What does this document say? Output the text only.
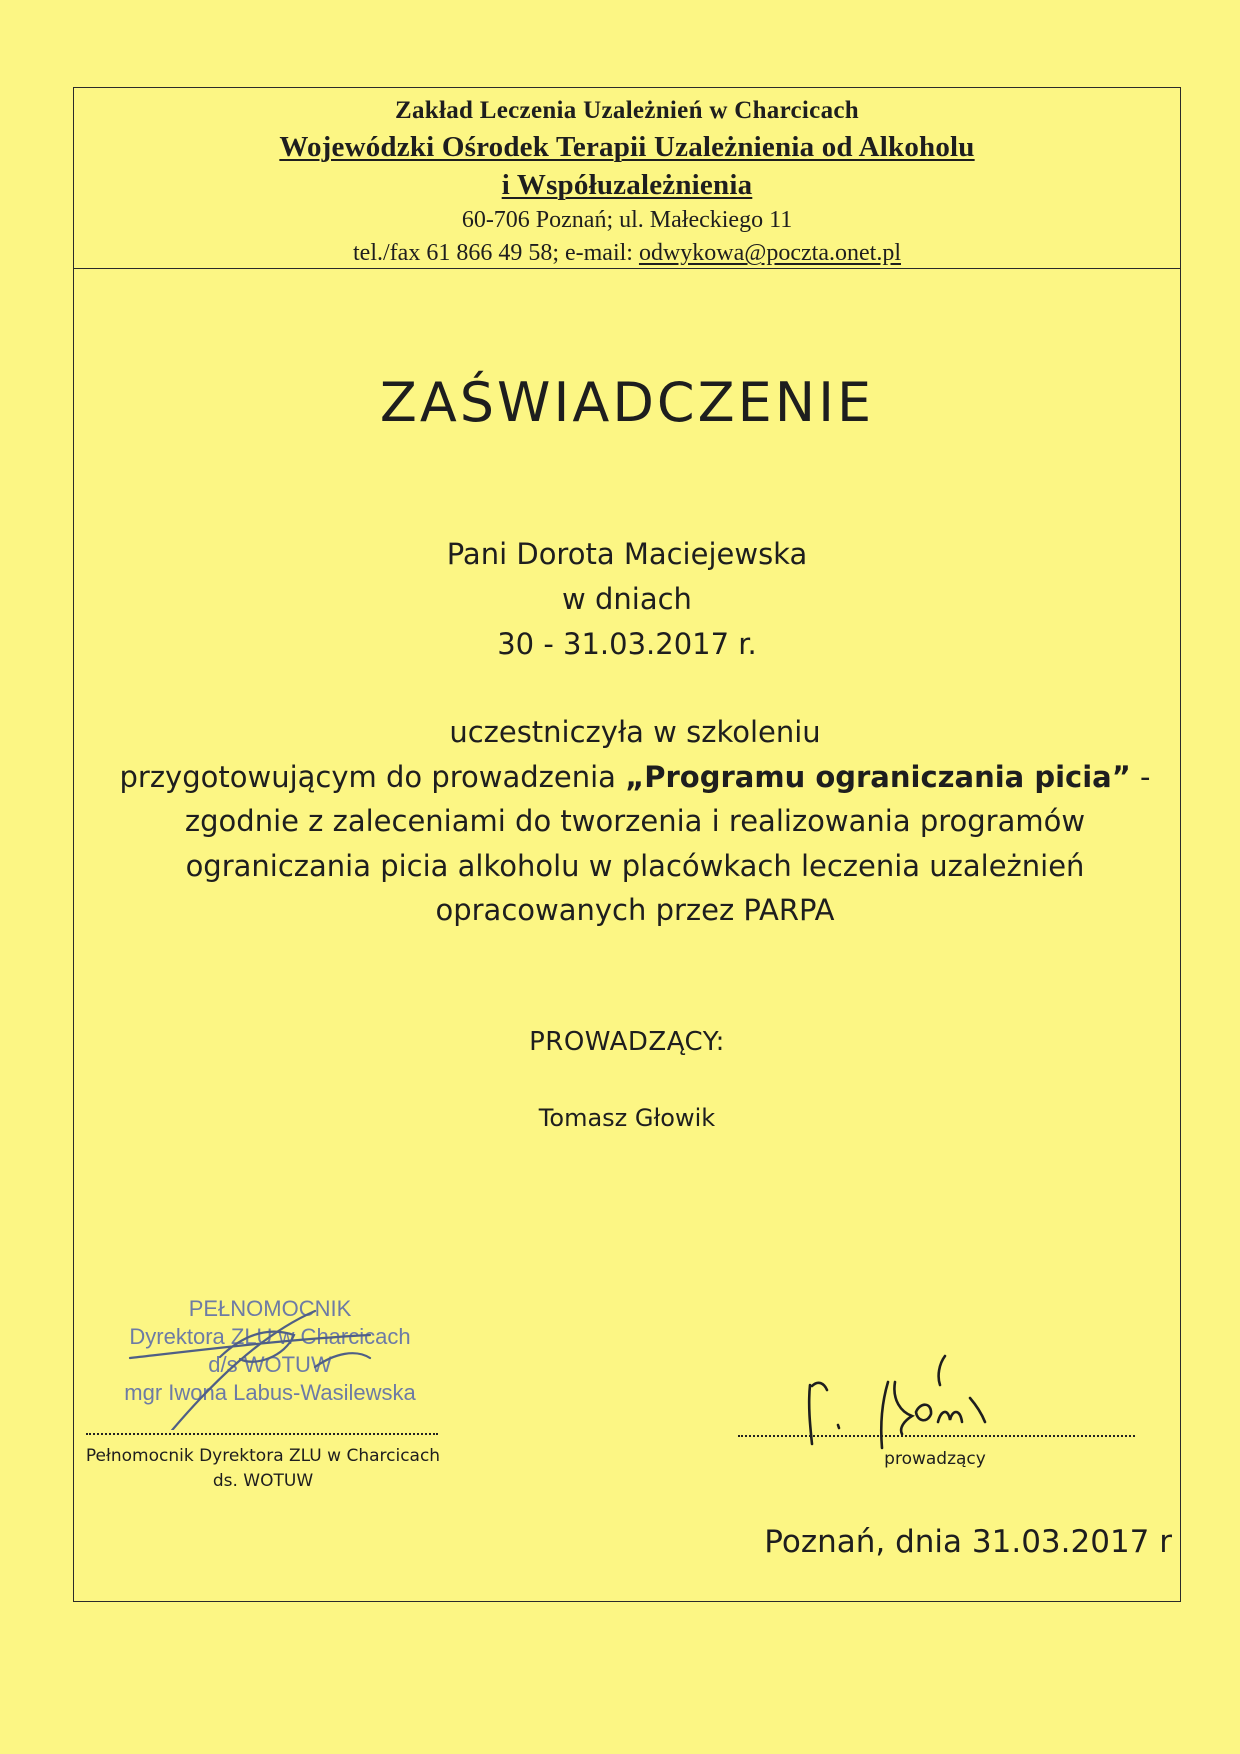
Zakład Leczenia Uzależnień w Charcicach
Wojewódzki Ośrodek Terapii Uzależnienia od Alkoholu
i Współuzależnienia
60-706 Poznań; ul. Małeckiego 11
tel./fax 61 866 49 58; e-mail: odwykowa@poczta.onet.pl
ZAŚWIADCZENIE
Pani Dorota Maciejewska
w dniach
30 - 31.03.2017 r.
uczestniczyła w szkoleniu
przygotowującym do prowadzenia „Programu ograniczania picia” -
zgodnie z zaleceniami do tworzenia i realizowania programów
ograniczania picia alkoholu w placówkach leczenia uzależnień
opracowanych przez PARPA
PROWADZĄCY:
Tomasz Głowik
PEŁNOMOCNIK
Dyrektora ZLU w Charcicach
d/s WOTUW
mgr Iwona Labus-Wasilewska
Pełnomocnik Dyrektora ZLU w Charcicach
ds. WOTUW
prowadzący
Poznań, dnia 31.03.2017 r
